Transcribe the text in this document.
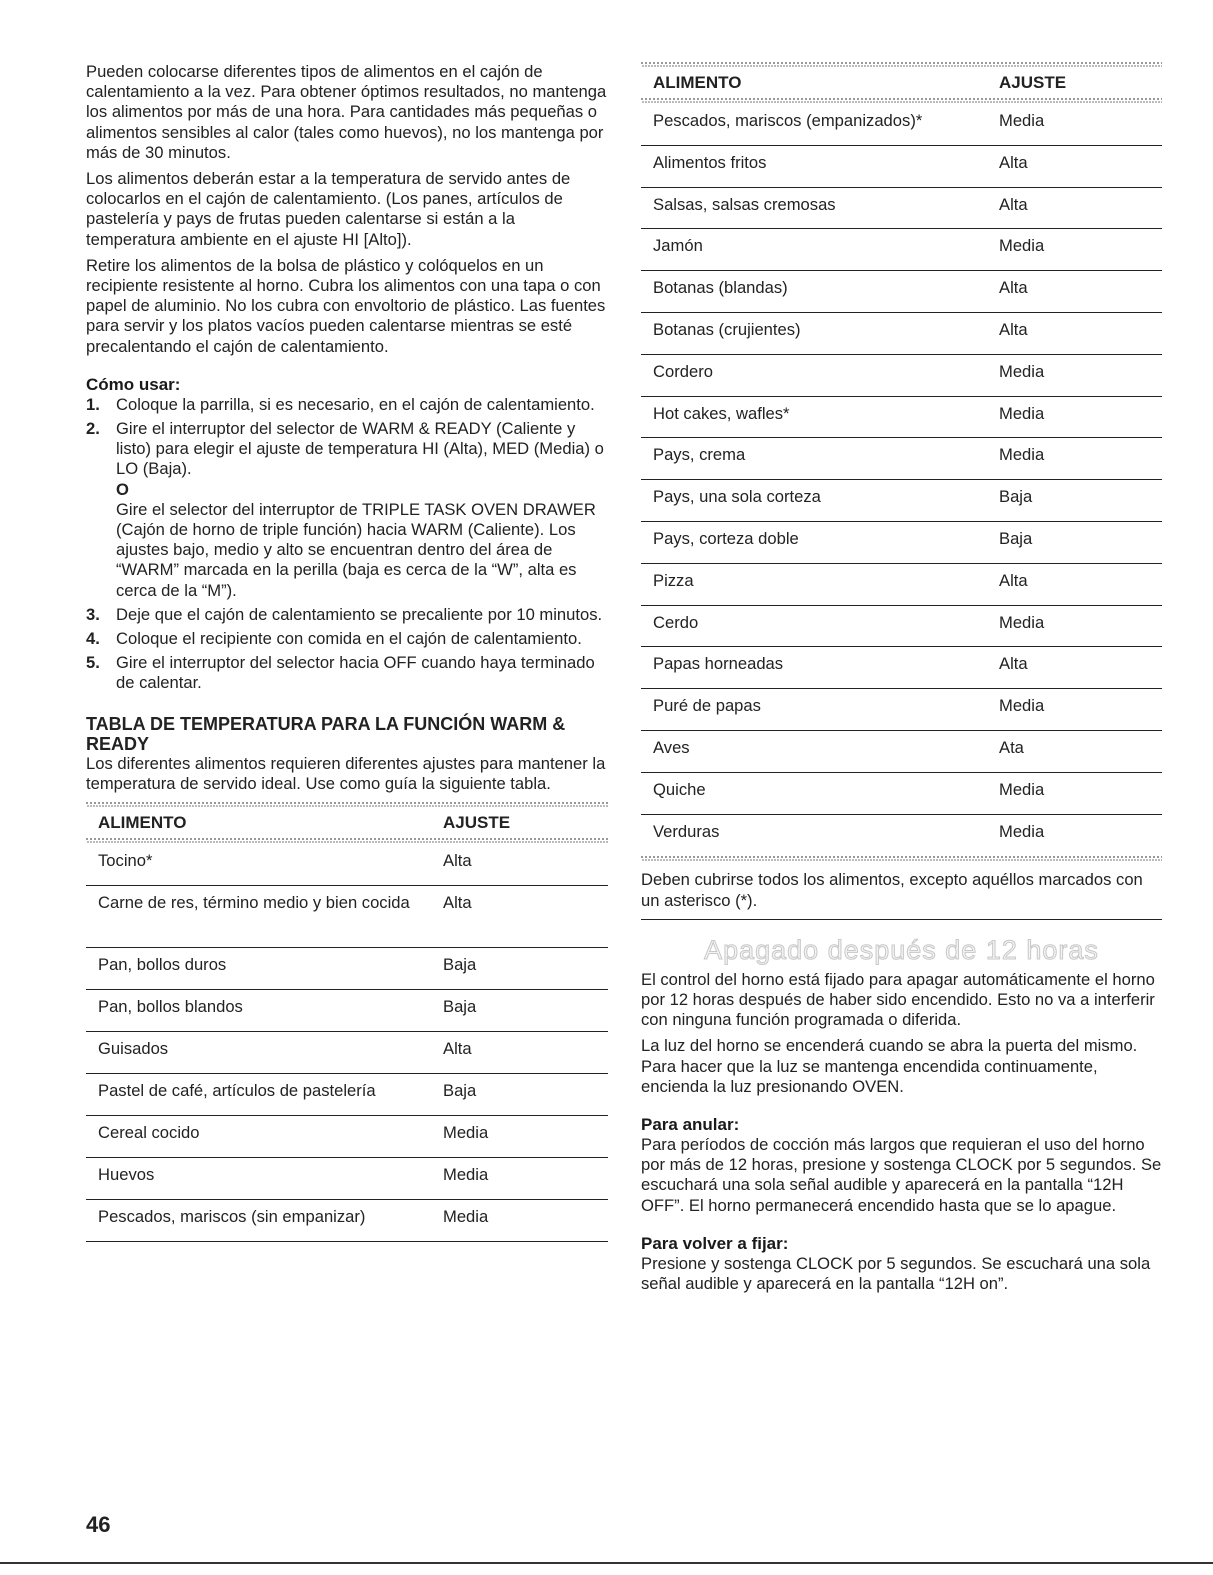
Pueden colocarse diferentes tipos de alimentos en el cajón de calentamiento a la vez. Para obtener óptimos resultados, no mantenga los alimentos por más de una hora. Para cantidades más pequeñas o alimentos sensibles al calor (tales como huevos), no los mantenga por más de 30 minutos.

Los alimentos deberán estar a la temperatura de servido antes de colocarlos en el cajón de calentamiento. (Los panes, artículos de pastelería y pays de frutas pueden calentarse si están a la temperatura ambiente en el ajuste HI [Alto]).

Retire los alimentos de la bolsa de plástico y colóquelos en un recipiente resistente al horno. Cubra los alimentos con una tapa o con papel de aluminio. No los cubra con envoltorio de plástico. Las fuentes para servir y los platos vacíos pueden calentarse mientras se esté precalentando el cajón de calentamiento.

Cómo usar:
1. Coloque la parrilla, si es necesario, en el cajón de calentamiento.
2. Gire el interruptor del selector de WARM & READY (Caliente y listo) para elegir el ajuste de temperatura HI (Alta), MED (Media) o LO (Baja).
O
Gire el selector del interruptor de TRIPLE TASK OVEN DRAWER (Cajón de horno de triple función) hacia WARM (Caliente). Los ajustes bajo, medio y alto se encuentran dentro del área de “WARM” marcada en la perilla (baja es cerca de la “W”, alta es cerca de la “M”).
3. Deje que el cajón de calentamiento se precaliente por 10 minutos.
4. Coloque el recipiente con comida en el cajón de calentamiento.
5. Gire el interruptor del selector hacia OFF cuando haya terminado de calentar.
TABLA DE TEMPERATURA PARA LA FUNCIÓN WARM & READY

Los diferentes alimentos requieren diferentes ajustes para mantener la temperatura de servido ideal. Use como guía la siguiente tabla.

ALIMENTO	AJUSTE
Tocino*	Alta
Carne de res, término medio y bien cocida	Alta
Pan, bollos duros	Baja
Pan, bollos blandos	Baja
Guisados	Alta
Pastel de café, artículos de pastelería	Baja
Cereal cocido	Media
Huevos	Media
Pescados, mariscos (sin empanizar)	Media
ALIMENTO	AJUSTE
Pescados, mariscos (empanizados)*	Media
Alimentos fritos	Alta
Salsas, salsas cremosas	Alta
Jamón	Media
Botanas (blandas)	Alta
Botanas (crujientes)	Alta
Cordero	Media
Hot cakes, wafles*	Media
Pays, crema	Media
Pays, una sola corteza	Baja
Pays, corteza doble	Baja
Pizza	Alta
Cerdo	Media
Papas horneadas	Alta
Puré de papas	Media
Aves	Ata
Quiche	Media
Verduras	Media
Deben cubrirse todos los alimentos, excepto aquéllos marcados con un asterisco (*).
Apagado después de 12 horas

El control del horno está fijado para apagar automáticamente el horno por 12 horas después de haber sido encendido. Esto no va a interferir con ninguna función programada o diferida.

La luz del horno se encenderá cuando se abra la puerta del mismo. Para hacer que la luz se mantenga encendida continuamente, encienda la luz presionando OVEN.

Para anular:

Para períodos de cocción más largos que requieran el uso del horno por más de 12 horas, presione y sostenga CLOCK por 5 segundos. Se escuchará una sola señal audible y aparecerá en la pantalla “12H OFF”. El horno permanecerá encendido hasta que se lo apague.

Para volver a fijar:

Presione y sostenga CLOCK por 5 segundos. Se escuchará una sola señal audible y aparecerá en la pantalla “12H on”.

46
